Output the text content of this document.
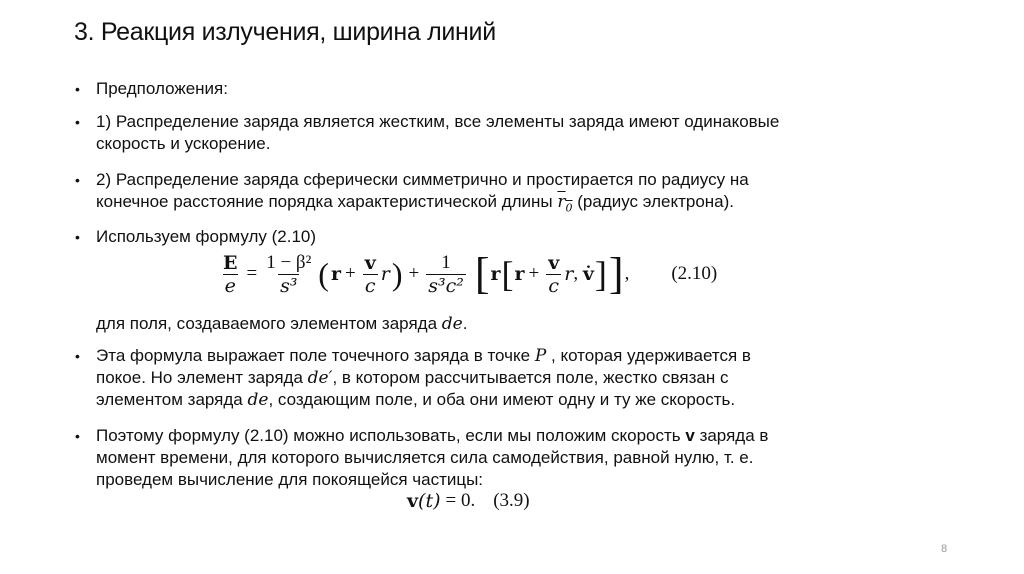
3. Реакция излучения, ширина линий
• Предположения:
• 1) Распределение заряда является жестким, все элементы заряда имеют одинаковые
скорость и ускорение.
• 2) Распределение заряда сферически симметрично и простирается по радиусу на
конечное расстояние порядка характеристической длины $r_0$ (радиус электрона).
• Используем формулу (2.10)
$\frac{E}{e} = \frac{\text{1 − β²}}{\text{s³}}$ ( $r + \frac{v}{c}$ r ) + $\frac{1}{\text{s³c²}}$ [ r [ $r + \frac{v}{c}$ r , v̇ ] ] , (2.10)
для поля, создаваемого элементом заряда de.
• Эта формула выражает поле точечного заряда в точке P , которая удерживается в
покое. Но элемент заряда de′, в котором рассчитывается поле, жестко связан с
элементом заряда de, создающим поле, и оба они имеют одну и ту же скорость.
• Поэтому формулу (2.10) можно использовать, если мы положим скорость v заряда в
момент времени, для которого вычисляется сила самодействия, равной нулю, т. е.
проведем вычисление для покоящейся частицы:
v (t) = 0. (3.9)
8
